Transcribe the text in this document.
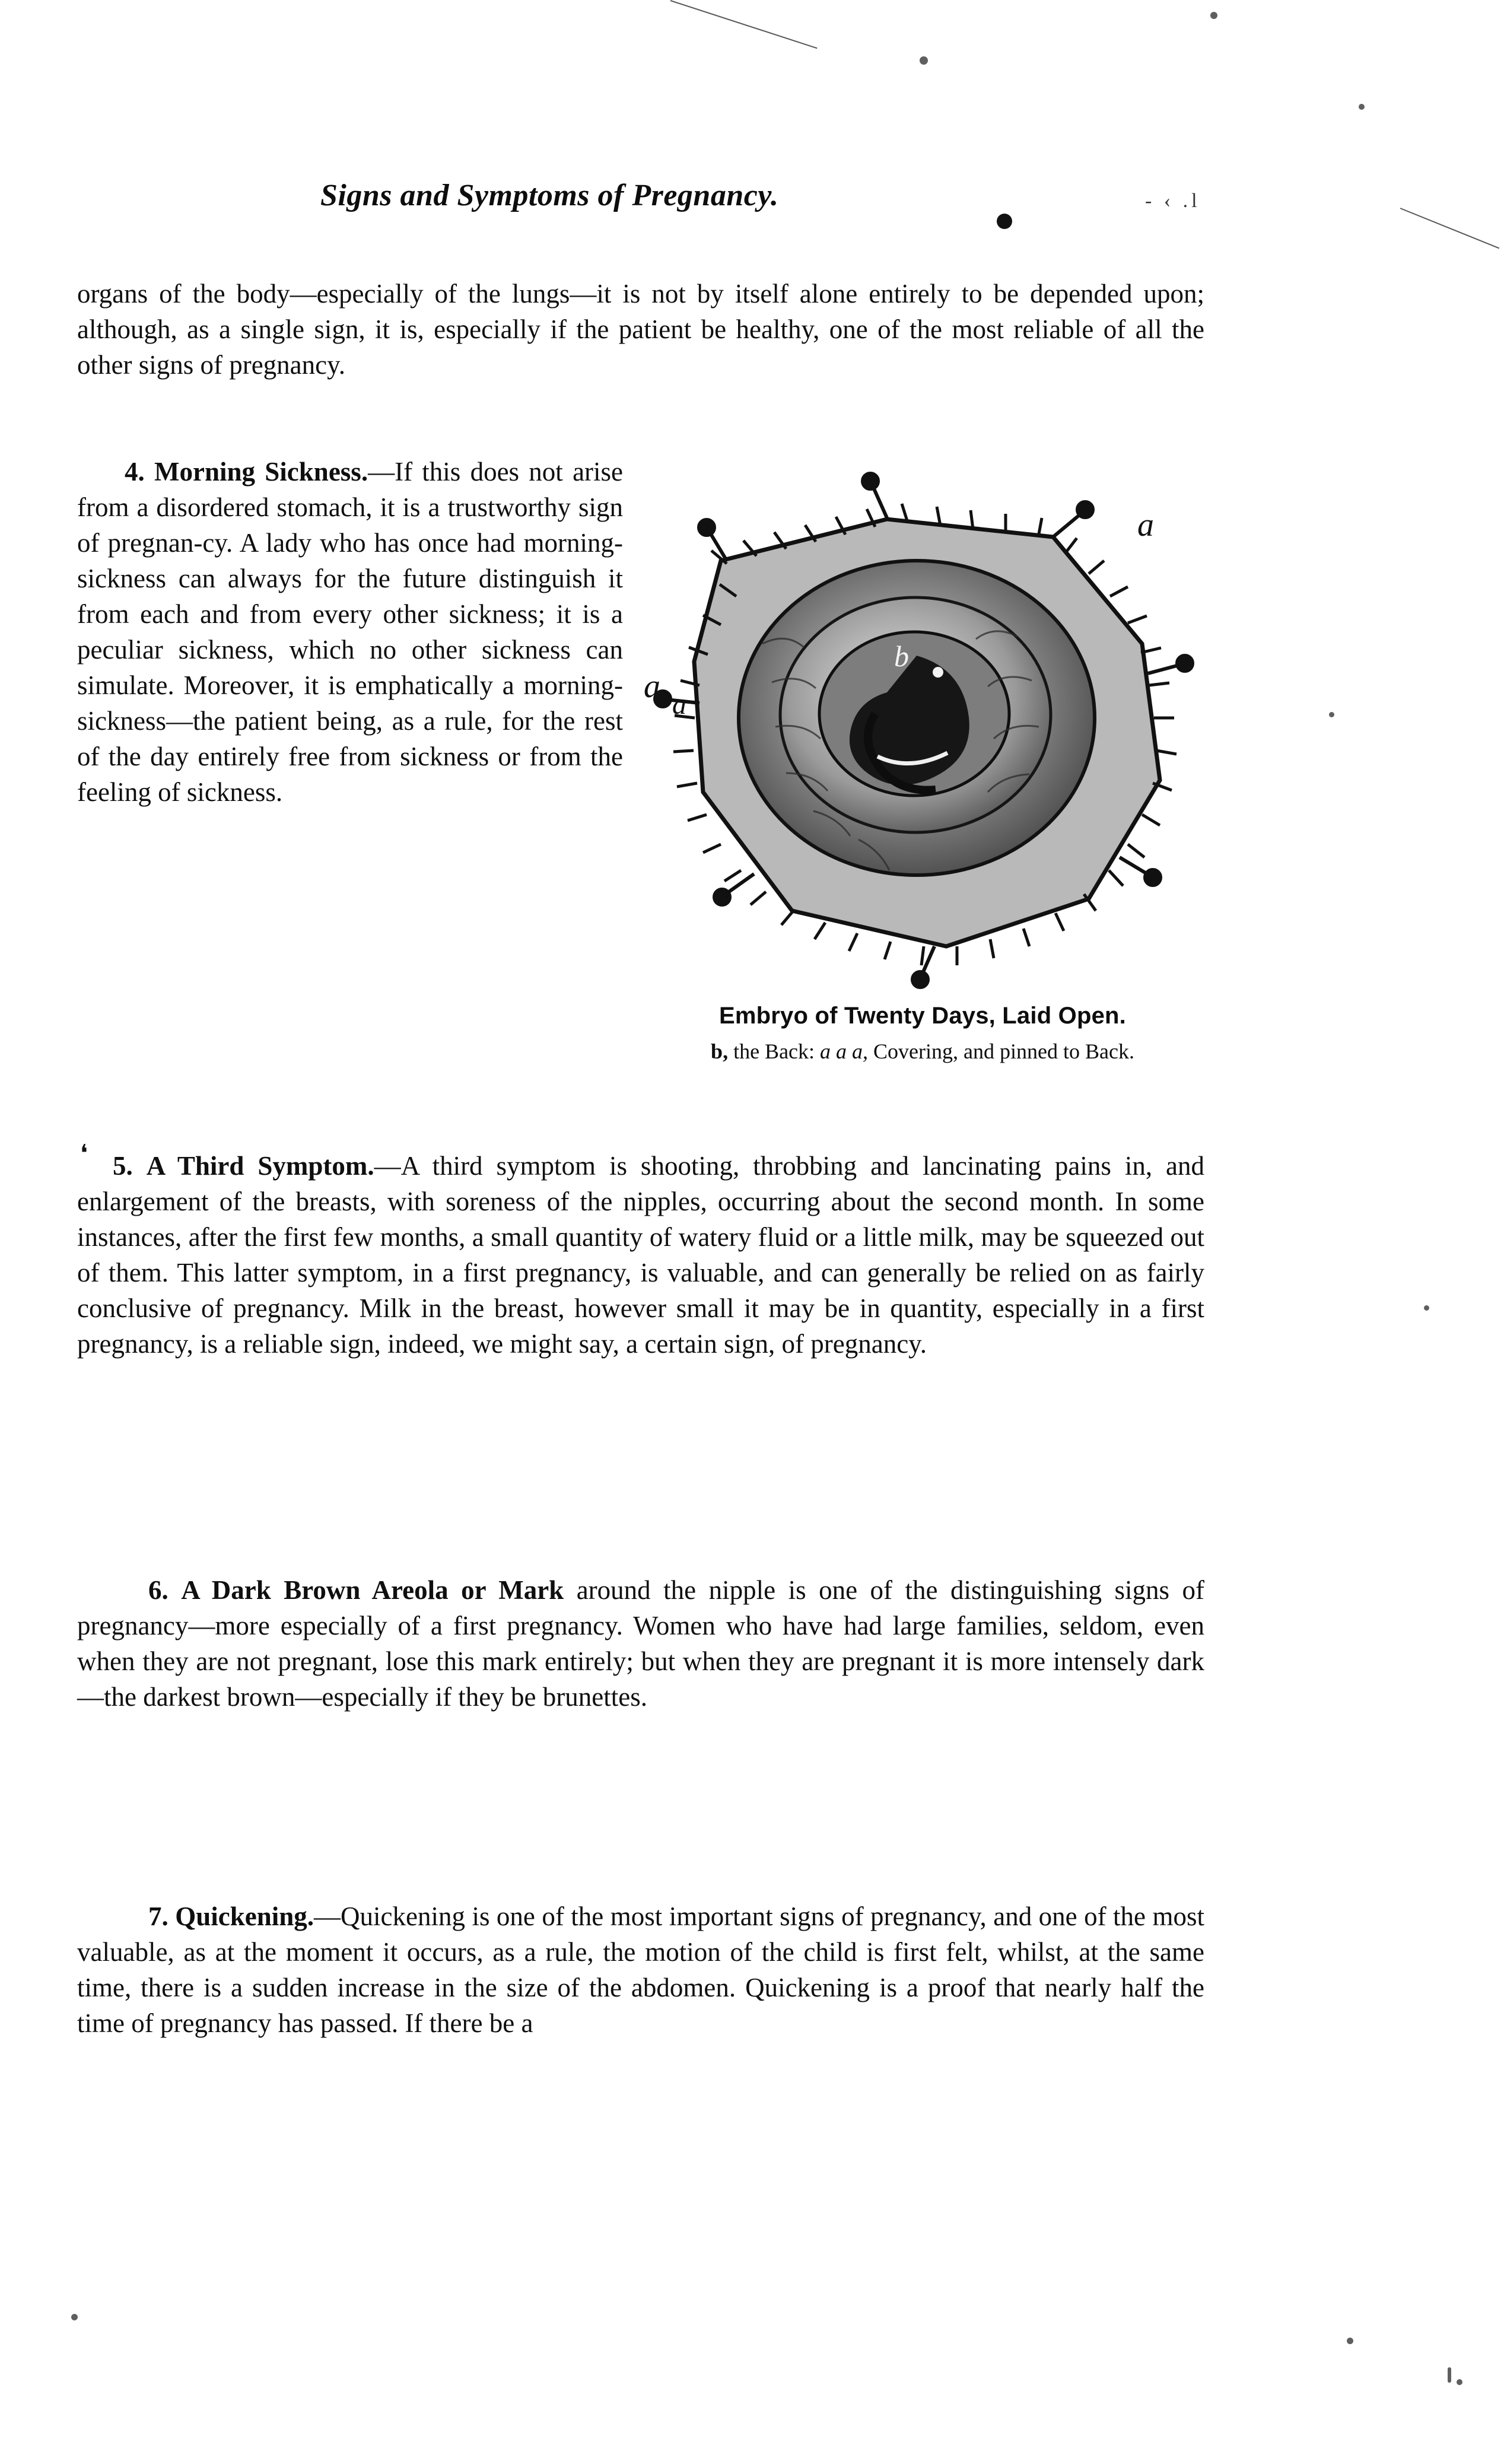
Signs and Symptoms of Pregnancy.	- ‹ .l
organs of the body—especially of the lungs—it is not by itself alone entirely to be depended upon; although, as a single sign, it is, especially if the patient be healthy, one of the most reliable of all the other signs of pregnancy.
4. Morning Sickness.—If this does not arise from a disordered stomach, it is a trustworthy sign of pregnan-cy. A lady who has once had morning-sickness can always for the future distinguish it from each and from every other sickness; it is a peculiar sickness, which no other sickness can simulate. Moreover, it is emphatically a morning-sickness—the patient being, as a rule, for the rest of the day entirely free from sickness or from the feeling of sickness.
a
a a
b
Embryo of Twenty Days, Laid Open.
b, the Back: a a a, Covering, and pinned to Back.
❛ 5. A Third Symptom.—A third symptom is shooting, throbbing and lancinating pains in, and enlargement of the breasts, with soreness of the nipples, occurring about the second month. In some instances, after the first few months, a small quantity of watery fluid or a little milk, may be squeezed out of them. This latter symptom, in a first pregnancy, is valuable, and can generally be relied on as fairly conclusive of pregnancy. Milk in the breast, however small it may be in quantity, especially in a first pregnancy, is a reliable sign, indeed, we might say, a certain sign, of pregnancy.
6. A Dark Brown Areola or Mark around the nipple is one of the distinguishing signs of pregnancy—more especially of a first pregnancy. Women who have had large families, seldom, even when they are not pregnant, lose this mark entirely; but when they are pregnant it is more intensely dark—the darkest brown—especially if they be brunettes.
7. Quickening.—Quickening is one of the most important signs of pregnancy, and one of the most valuable, as at the moment it occurs, as a rule, the motion of the child is first felt, whilst, at the same time, there is a sudden increase in the size of the abdomen. Quickening is a proof that nearly half the time of pregnancy has passed. If there be a
